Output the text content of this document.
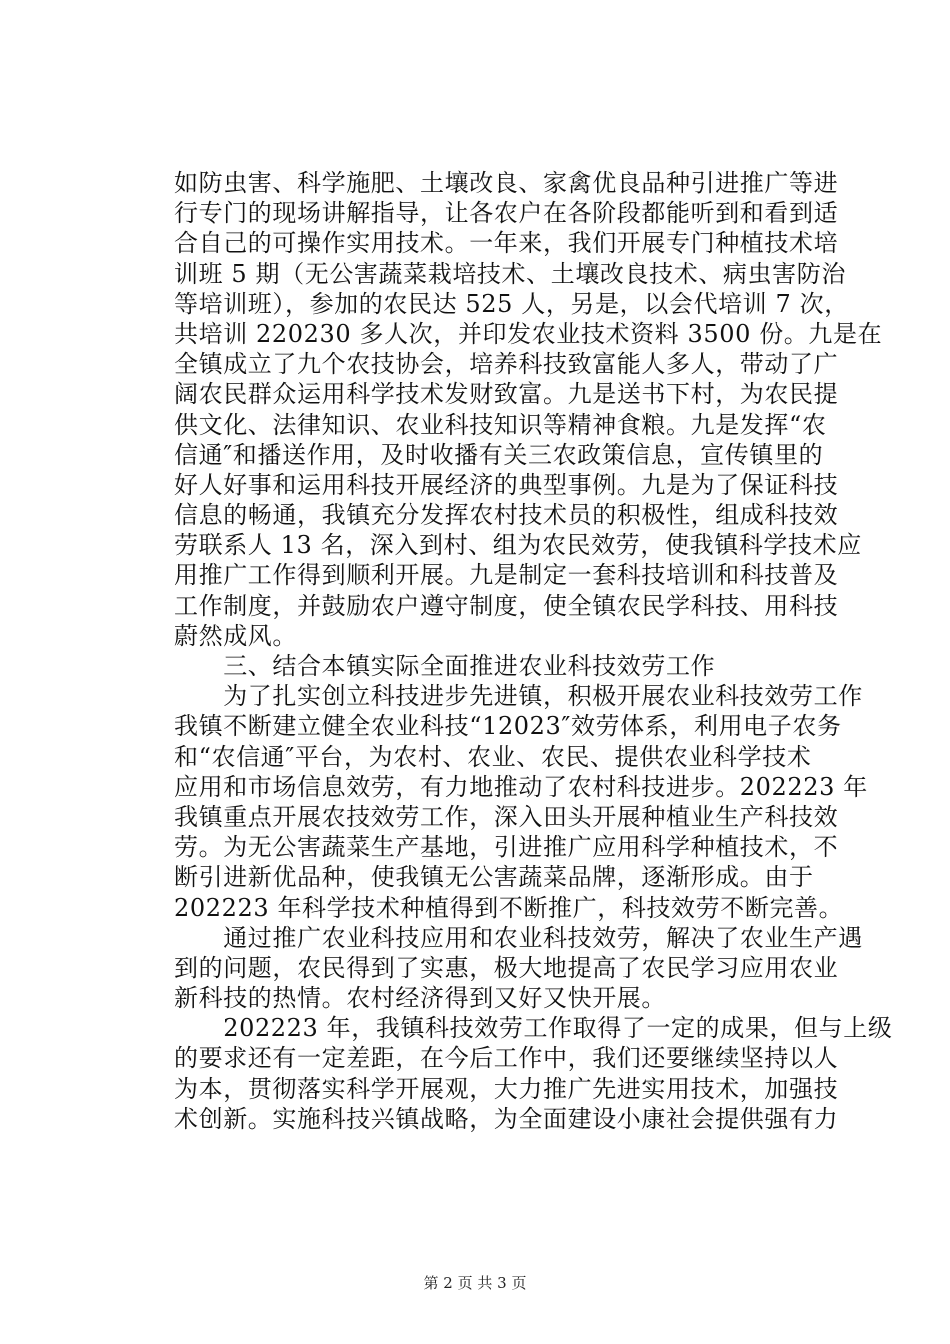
如防虫害、科学施肥、土壤改良、家禽优良品种引进推广等进
行专门的现场讲解指导，让各农户在各阶段都能听到和看到适
合自己的可操作实用技术。一年来，我们开展专门种植技术培
训班 5 期（无公害蔬菜栽培技术、土壤改良技术、病虫害防治
等培训班），参加的农民达 525 人，另是，以会代培训 7 次，
共培训 220230 多人次，并印发农业技术资料 3500 份。九是在
全镇成立了九个农技协会，培养科技致富能人多人，带动了广
阔农民群众运用科学技术发财致富。九是送书下村，为农民提
供文化、法律知识、农业科技知识等精神食粮。九是发挥“农
信通″和播送作用，及时收播有关三农政策信息，宣传镇里的
好人好事和运用科技开展经济的典型事例。九是为了保证科技
信息的畅通，我镇充分发挥农村技术员的积极性，组成科技效
劳联系人 13 名，深入到村、组为农民效劳，使我镇科学技术应
用推广工作得到顺利开展。九是制定一套科技培训和科技普及
工作制度，并鼓励农户遵守制度，使全镇农民学科技、用科技
蔚然成风。
　　三、结合本镇实际全面推进农业科技效劳工作
　　为了扎实创立科技进步先进镇，积极开展农业科技效劳工作
我镇不断建立健全农业科技“12023″效劳体系，利用电子农务
和“农信通″平台，为农村、农业、农民、提供农业科学技术
应用和市场信息效劳，有力地推动了农村科技进步。202223 年
我镇重点开展农技效劳工作，深入田头开展种植业生产科技效
劳。为无公害蔬菜生产基地，引进推广应用科学种植技术，不
断引进新优品种，使我镇无公害蔬菜品牌，逐渐形成。由于
202223 年科学技术种植得到不断推广，科技效劳不断完善。
　　通过推广农业科技应用和农业科技效劳，解决了农业生产遇
到的问题，农民得到了实惠，极大地提高了农民学习应用农业
新科技的热情。农村经济得到又好又快开展。
　　202223 年，我镇科技效劳工作取得了一定的成果，但与上级
的要求还有一定差距，在今后工作中，我们还要继续坚持以人
为本，贯彻落实科学开展观，大力推广先进实用技术，加强技
术创新。实施科技兴镇战略，为全面建设小康社会提供强有力
第 2 页 共 3 页
